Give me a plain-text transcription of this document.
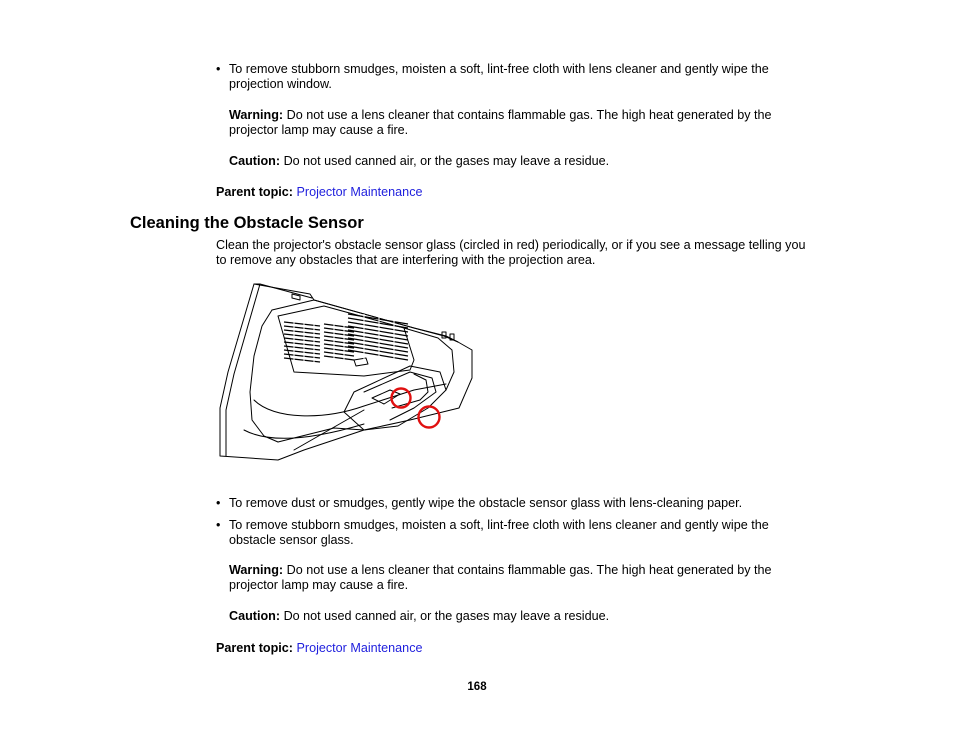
• To remove stubborn smudges, moisten a soft, lint-free cloth with lens cleaner and gently wipe the projection window.
Warning: Do not use a lens cleaner that contains flammable gas. The high heat generated by the projector lamp may cause a fire.
Caution: Do not used canned air, or the gases may leave a residue.
Parent topic: Projector Maintenance
Cleaning the Obstacle Sensor
Clean the projector's obstacle sensor glass (circled in red) periodically, or if you see a message telling you to remove any obstacles that are interfering with the projection area.
• To remove dust or smudges, gently wipe the obstacle sensor glass with lens-cleaning paper.
• To remove stubborn smudges, moisten a soft, lint-free cloth with lens cleaner and gently wipe the obstacle sensor glass.
Warning: Do not use a lens cleaner that contains flammable gas. The high heat generated by the projector lamp may cause a fire.
Caution: Do not used canned air, or the gases may leave a residue.
Parent topic: Projector Maintenance
168
